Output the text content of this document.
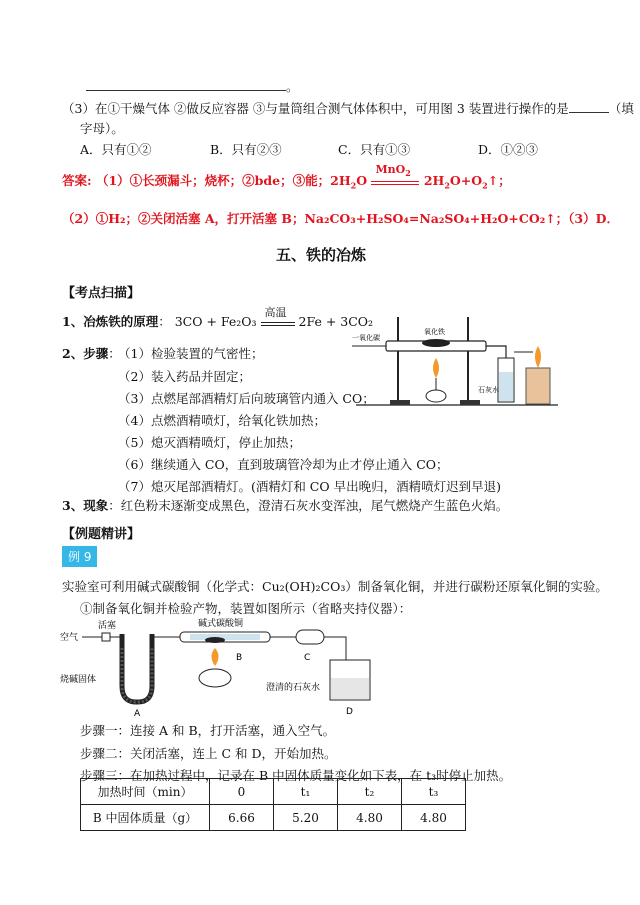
。
（3）在①干燥气体 ②做反应容器 ③与量筒组合测气体体积中，可用图 3 装置进行操作的是	（填
字母）。
A．只有①②	B．只有②③	C．只有①③	D．①②③
答案: （1）①长颈漏斗；烧杯；②bde；③能；$2H_2O$
MnO$_2$
$2H_2O+O_2↑$；
（2）①H₂；②关闭活塞 A，打开活塞 B；Na₂CO₃+H₂SO₄=Na₂SO₄+H₂O+CO₂↑；（3）D．
五、铁的冶炼
【考点扫描】
1、冶炼铁的原理： 3CO + Fe₂O₃
高温
2Fe + 3CO₂
2、步骤：
（1）检验装置的气密性；
（2）装入药品并固定；
（3）点燃尾部酒精灯后向玻璃管内通入 CO；
（4）点燃酒精喷灯，给氧化铁加热；
（5）熄灭酒精喷灯，停止加热；
（6）继续通入 CO，直到玻璃管冷却为止才停止通入 CO；
（7）熄灭尾部酒精灯。(酒精灯和 CO 早出晚归，酒精喷灯迟到早退)
一氧化碳
氧化铁
石灰水
3、现象：红色粉末逐渐变成黑色，澄清石灰水变浑浊，尾气燃烧产生蓝色火焰。
【例题精讲】
例 9
实验室可利用碱式碳酸铜（化学式：Cu₂(OH)₂CO₃）制备氧化铜，并进行碳粉还原氧化铜的实验。
①制备氧化铜并检验产物，装置如图所示（省略夹持仪器）：
空气
活塞
烧碱固体
A
碱式碳酸铜
B	C
澄清的石灰水
D
步骤一：连接 A 和 B，打开活塞，通入空气。
步骤二：关闭活塞，连上 C 和 D，开始加热。
步骤三：在加热过程中，记录在 B 中固体质量变化如下表，在 t₃时停止加热。
加热时间（min）	0	t₁	t₂	t₃
B 中固体质量（g）	6.66	5.20	4.80	4.80
